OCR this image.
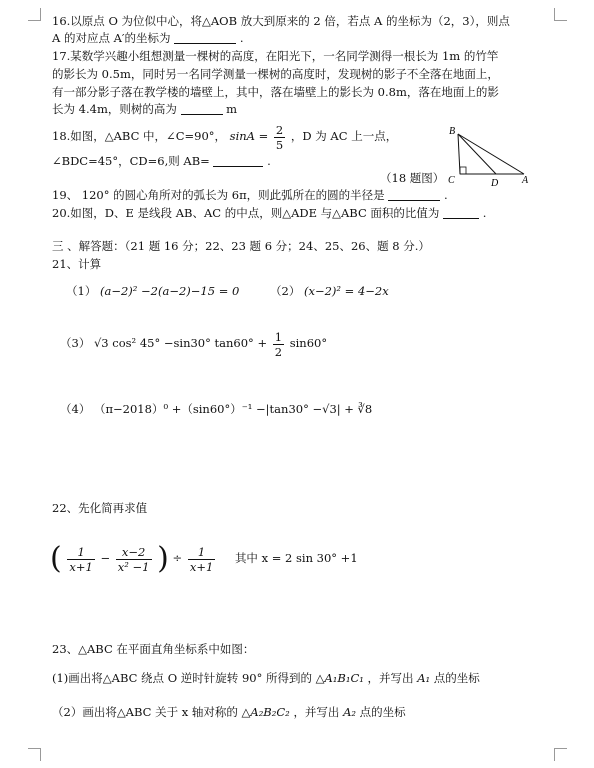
16.以原点 O 为位似中心，将△AOB 放大到原来的 2 倍，若点 A 的坐标为（2，3），则点
A 的对应点 A′的坐标为	.
17.某数学兴趣小组想测量一棵树的高度，在阳光下，一名同学测得一根长为 1m 的竹竿
的影长为 0.5m，同时另一名同学测量一棵树的高度时，发现树的影子不全落在地面上，
有一部分影子落在教学楼的墙壁上，其中，落在墙壁上的影长为 0.8m，落在地面上的影
长为 4.4m，则树的高为	m
18.如图，△ABC 中，∠C=90°， $\sin A = \frac{2}{5}$ ，D 为 AC 上一点，
∠BDC=45°，CD=6,则 AB=	.
B
C	D A
（18 题图）
19、 120° 的圆心角所对的弧长为 6π，则此弧所在的圆的半径是	.
20.如图，D、E 是线段 AB、AC 的中点，则△ADE 与△ABC 面积的比值为	.
三 、解答题：（21 题 16 分；22、23 题 6 分；24、25、26、题 8 分.）
21、计算
（1） (a−2)² −2(a−2)−15 = 0	（2） (x−2)² = 4−2x
（3） √3 cos² 45° −sin30° $\tan 60^\circ + \frac{1}{2} \sin 60^\circ$
（4） （π−2018）⁰ +（sin60°）⁻¹ −|tan30° −√3| + ∛8
22、先化简再求值
( $\frac{1}{x+1} - \frac{x-2}{\text{x² −1}}$ ) ÷ $\frac{1}{x+1}$ 其中 x = 2 sin 30° +1
23、△ABC 在平面直角坐标系中如图：
(1)画出将△ABC 绕点 O 逆时针旋转 90° 所得到的 △A₁B₁C₁ ，并写出 A₁ 点的坐标
（2）画出将△ABC 关于 x 轴对称的 △A₂B₂C₂ ，并写出 A₂ 点的坐标
